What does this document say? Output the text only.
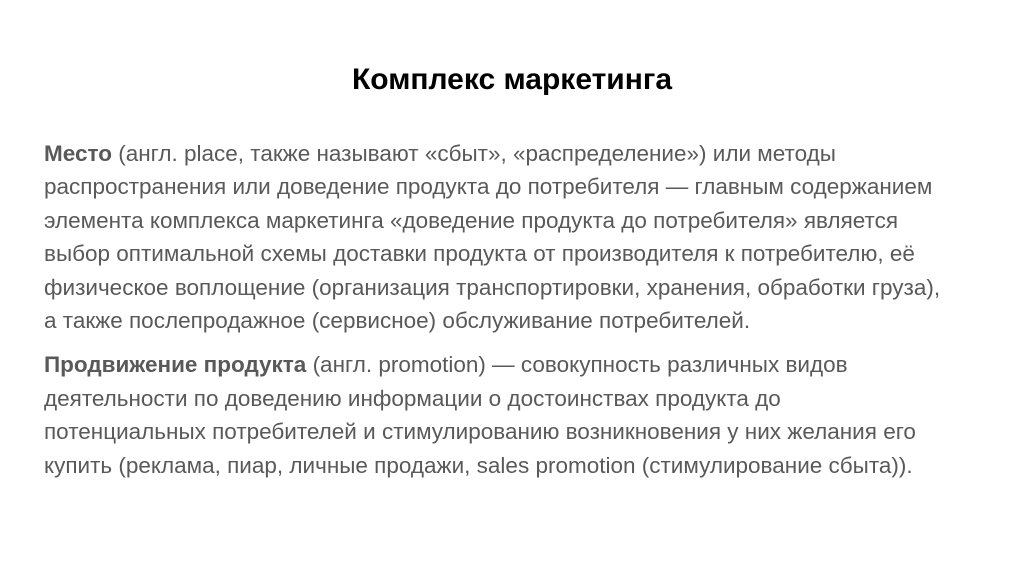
Комплекс маркетинга

Место (англ. place, также называют «сбыт», «распределение») или методы распространения или доведение продукта до потребителя — главным содержанием элемента комплекса маркетинга «доведение продукта до потребителя» является выбор оптимальной схемы доставки продукта от производителя к потребителю, её физическое воплощение (организация транспортировки, хранения, обработки груза), а также послепродажное (сервисное) обслуживание потребителей.

Продвижение продукта (англ. promotion) — совокупность различных видов деятельности по доведению информации о достоинствах продукта до потенциальных потребителей и стимулированию возникновения у них желания его купить (реклама, пиар, личные продажи, sales promotion (стимулирование сбыта)).
